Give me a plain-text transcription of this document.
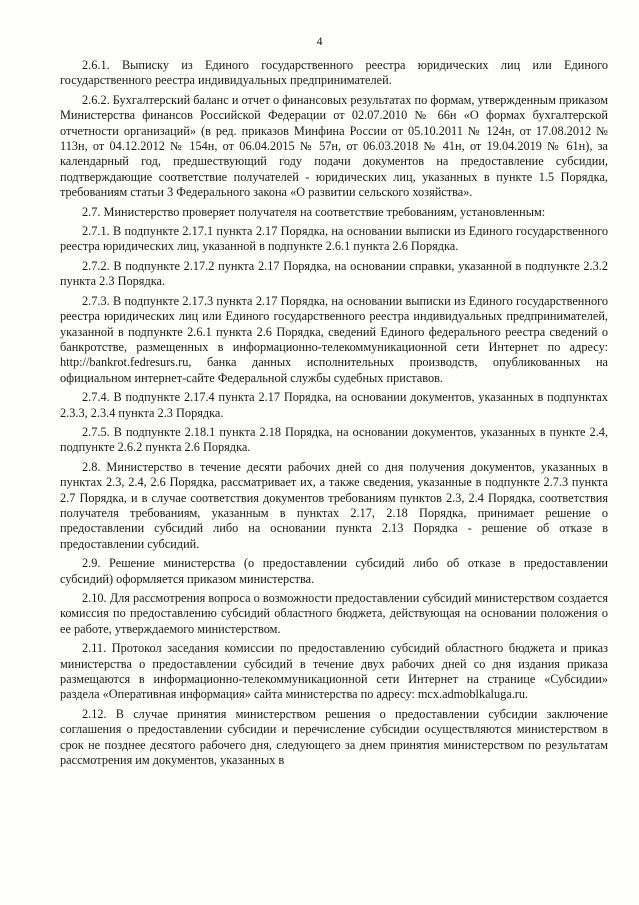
4

2.6.1. Выписку из Единого государственного реестра юридических лиц или Единого государственного реестра индивидуальных предпринимателей.

2.6.2. Бухгалтерский баланс и отчет о финансовых результатах по формам, утвержденным приказом Министерства финансов Российской Федерации от 02.07.2010 № 66н «О формах бухгалтерской отчетности организаций» (в ред. приказов Минфина России от 05.10.2011 № 124н, от 17.08.2012 № 113н, от 04.12.2012 № 154н, от 06.04.2015 № 57н, от 06.03.2018 № 41н, от 19.04.2019 № 61н), за календарный год, предшествующий году подачи документов на предоставление субсидии, подтверждающие соответствие получателей - юридических лиц, указанных в пункте 1.5 Порядка, требованиям статьи 3 Федерального закона «О развитии сельского хозяйства».

2.7. Министерство проверяет получателя на соответствие требованиям, установленным:

2.7.1. В подпункте 2.17.1 пункта 2.17 Порядка, на основании выписки из Единого государственного реестра юридических лиц, указанной в подпункте 2.6.1 пункта 2.6 Порядка.

2.7.2. В подпункте 2.17.2 пункта 2.17 Порядка, на основании справки, указанной в подпункте 2.3.2 пункта 2.3 Порядка.

2.7.3. В подпункте 2.17.3 пункта 2.17 Порядка, на основании выписки из Единого государственного реестра юридических лиц или Единого государственного реестра индивидуальных предпринимателей, указанной в подпункте 2.6.1 пункта 2.6 Порядка, сведений Единого федерального реестра сведений о банкротстве, размещенных в информационно-телекоммуникационной сети Интернет по адресу: http://bankrot.fedresurs.ru, банка данных исполнительных производств, опубликованных на официальном интернет-сайте Федеральной службы судебных приставов.

2.7.4. В подпункте 2.17.4 пункта 2.17 Порядка, на основании документов, указанных в подпунктах 2.3.3, 2.3.4 пункта 2.3 Порядка.

2.7.5. В подпункте 2.18.1 пункта 2.18 Порядка, на основании документов, указанных в пункте 2.4, подпункте 2.6.2 пункта 2.6 Порядка.

2.8. Министерство в течение десяти рабочих дней со дня получения документов, указанных в пунктах 2.3, 2.4, 2.6 Порядка, рассматривает их, а также сведения, указанные в подпункте 2.7.3 пункта 2.7 Порядка, и в случае соответствия документов требованиям пунктов 2.3, 2.4 Порядка, соответствия получателя требованиям, указанным в пунктах 2.17, 2.18 Порядка, принимает решение о предоставлении субсидий либо на основании пункта 2.13 Порядка - решение об отказе в предоставлении субсидий.

2.9. Решение министерства (о предоставлении субсидий либо об отказе в предоставлении субсидий) оформляется приказом министерства.

2.10. Для рассмотрения вопроса о возможности предоставлении субсидий министерством создается комиссия по предоставлению субсидий областного бюджета, действующая на основании положения о ее работе, утверждаемого министерством.

2.11. Протокол заседания комиссии по предоставлению субсидий областного бюджета и приказ министерства о предоставлении субсидий в течение двух рабочих дней со дня издания приказа размещаются в информационно-телекоммуникационной сети Интернет на странице «Субсидии» раздела «Оперативная информация» сайта министерства по адресу: mcx.admoblkaluga.ru.

2.12. В случае принятия министерством решения о предоставлении субсидии заключение соглашения о предоставлении субсидии и перечисление субсидии осуществляются министерством в срок не позднее десятого рабочего дня, следующего за днем принятия министерством по результатам рассмотрения им документов, указанных в
